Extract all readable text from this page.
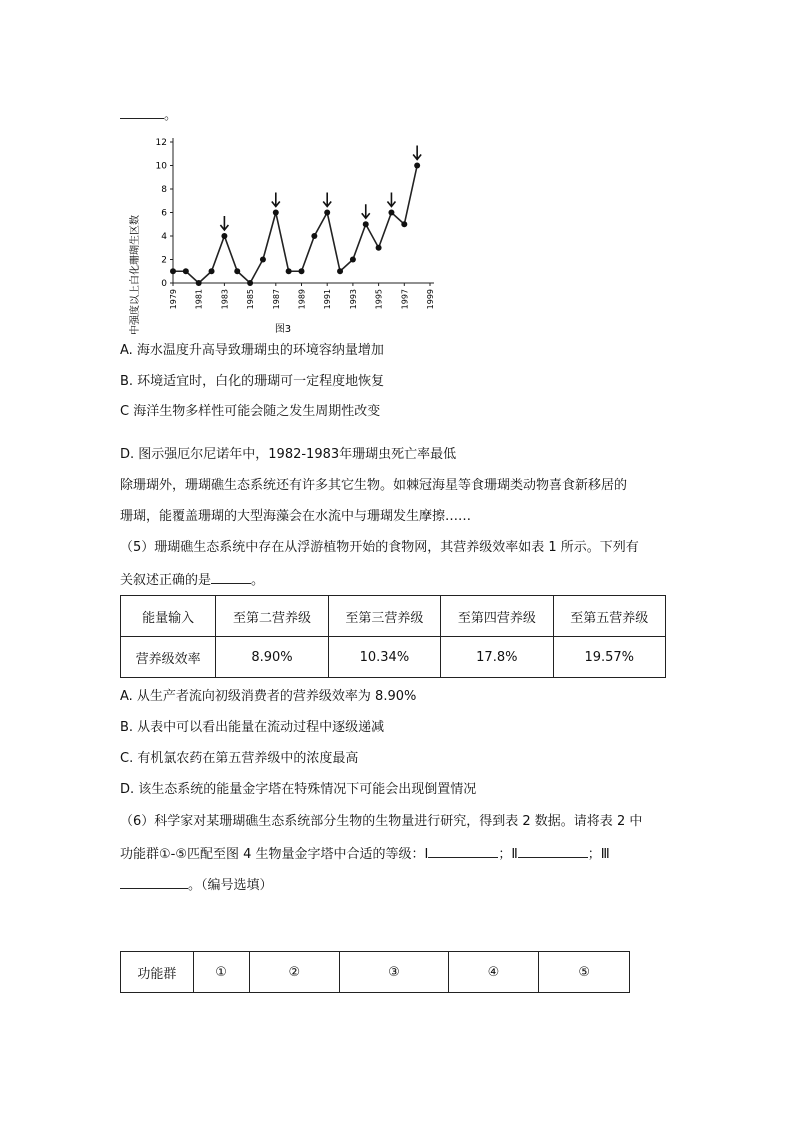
。
0
2
4
6
8
10
12
1979 1981 1983 1985 1987 1989 1991 1993 1995 1997 1999
中强度以上白化珊瑚生区数	图3
A. 海水温度升高导致珊瑚虫的环境容纳量增加
B. 环境适宜时，白化的珊瑚可一定程度地恢复
C 海洋生物多样性可能会随之发生周期性改变
D. 图示强厄尔尼诺年中，1982-1983年珊瑚虫死亡率最低
除珊瑚外，珊瑚礁生态系统还有许多其它生物。如棘冠海星等食珊瑚类动物喜食新移居的
珊瑚，能覆盖珊瑚的大型海藻会在水流中与珊瑚发生摩擦……
（5）珊瑚礁生态系统中存在从浮游植物开始的食物网，其营养级效率如表 1 所示。下列有
关叙述正确的是	。
能量输入	至第二营养级	至第三营养级	至第四营养级	至第五营养级
营养级效率	8.90%	10.34%	17.8%	19.57%
A. 从生产者流向初级消费者的营养级效率为 8.90%
B. 从表中可以看出能量在流动过程中逐级递减
C. 有机氯农药在第五营养级中的浓度最高
D. 该生态系统的能量金字塔在特殊情况下可能会出现倒置情况
（6）科学家对某珊瑚礁生态系统部分生物的生物量进行研究，得到表 2 数据。请将表 2 中
功能群①-⑤匹配至图 4 生物量金字塔中合适的等级：Ⅰ	；Ⅱ	；Ⅲ
。（编号选填）
功能群	①	②	③	④	⑤
